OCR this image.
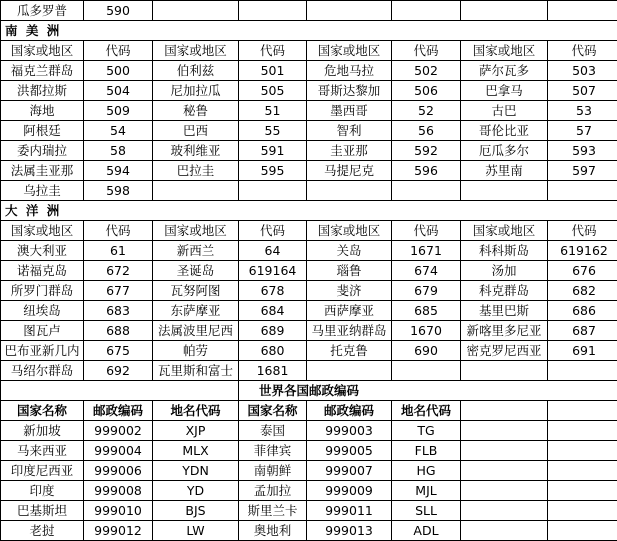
瓜多罗普	590						
南 美 洲							
国家或地区	代码	国家或地区	代码	国家或地区	代码	国家或地区	代码
福克兰群岛	500	伯利兹	501	危地马拉	502	萨尔瓦多	503
洪都拉斯	504	尼加拉瓜	505	哥斯达黎加	506	巴拿马	507
海地	509	秘鲁	51	墨西哥	52	古巴	53
阿根廷	54	巴西	55	智利	56	哥伦比亚	57
委内瑞拉	58	玻利维亚	591	圭亚那	592	厄瓜多尔	593
法属圭亚那	594	巴拉圭	595	马提尼克	596	苏里南	597
乌拉圭	598						
大 洋 洲							
国家或地区	代码	国家或地区	代码	国家或地区	代码	国家或地区	代码
澳大利亚	61	新西兰	64	关岛	1671	科科斯岛	619162
诺福克岛	672	圣诞岛	619164	瑙鲁	674	汤加	676
所罗门群岛	677	瓦努阿图	678	斐济	679	科克群岛	682
纽埃岛	683	东萨摩亚	684	西萨摩亚	685	基里巴斯	686
图瓦卢	688	法属波里尼西	689	马里亚纳群岛	1670	新喀里多尼亚	687
巴布亚新几内	675	帕劳	680	托克鲁	690	密克罗尼西亚	691
马绍尔群岛	692	瓦里斯和富士	1681				
			世界各国邮政编码				
国家名称	邮政编码	地名代码	国家名称	邮政编码	地名代码		
新加坡	999002	XJP	泰国	999003	TG		
马来西亚	999004	MLX	菲律宾	999005	FLB		
印度尼西亚	999006	YDN	南朝鲜	999007	HG		
印度	999008	YD	孟加拉	999009	MJL		
巴基斯坦	999010	BJS	斯里兰卡	999011	SLL		
老挝	999012	LW	奥地利	999013	ADL		
